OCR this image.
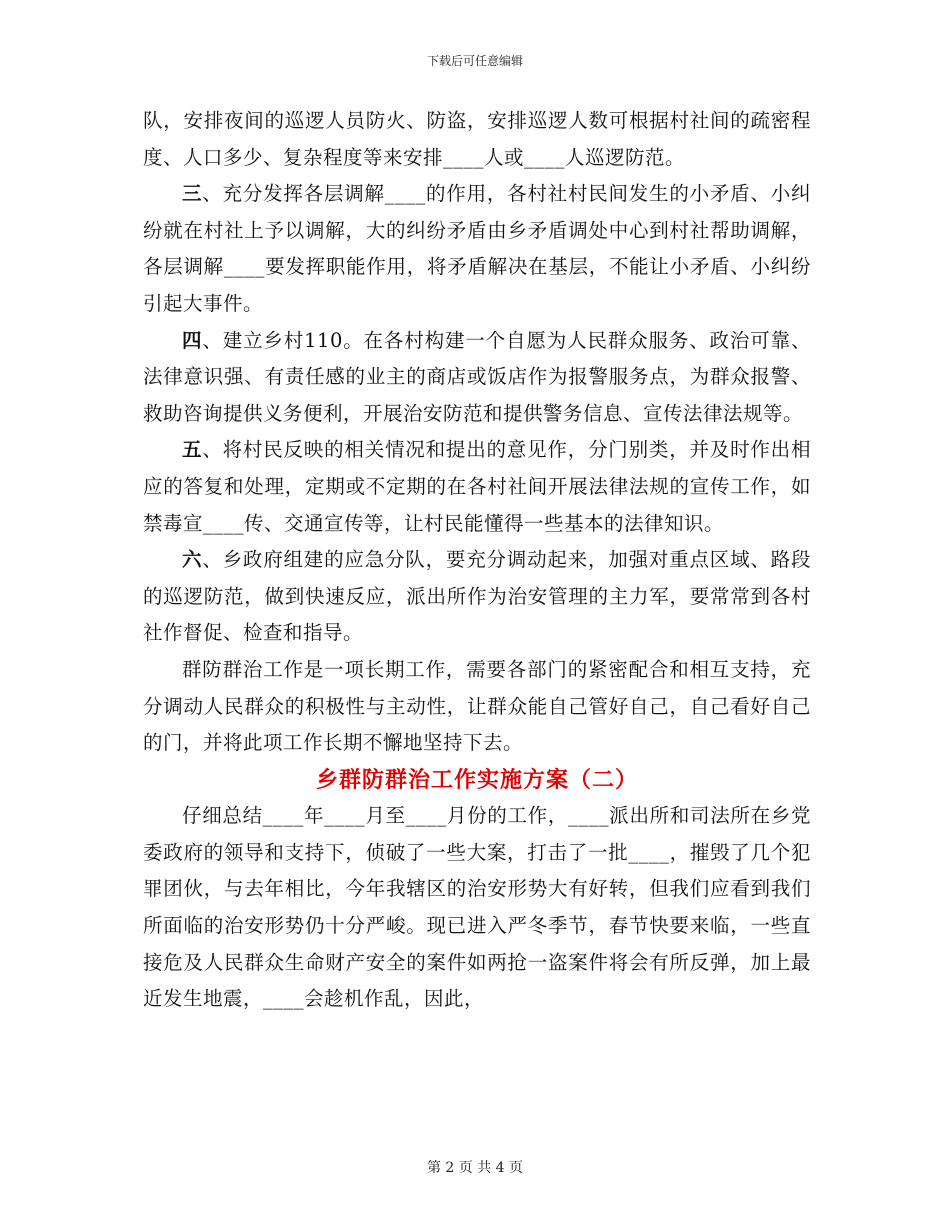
下载后可任意编辑

队，安排夜间的巡逻人员防火、防盗，安排巡逻人数可根据村社间的疏密程度、人口多少、复杂程度等来安排____人或____人巡逻防范。

三、充分发挥各层调解____的作用，各村社村民间发生的小矛盾、小纠纷就在村社上予以调解，大的纠纷矛盾由乡矛盾调处中心到村社帮助调解，各层调解____要发挥职能作用，将矛盾解决在基层，不能让小矛盾、小纠纷引起大事件。

四、建立乡村110。在各村构建一个自愿为人民群众服务、政治可靠、法律意识强、有责任感的业主的商店或饭店作为报警服务点，为群众报警、救助咨询提供义务便利，开展治安防范和提供警务信息、宣传法律法规等。

五、将村民反映的相关情况和提出的意见作，分门别类，并及时作出相应的答复和处理，定期或不定期的在各村社间开展法律法规的宣传工作，如禁毒宣____传、交通宣传等，让村民能懂得一些基本的法律知识。

六、乡政府组建的应急分队，要充分调动起来，加强对重点区域、路段的巡逻防范，做到快速反应，派出所作为治安管理的主力军，要常常到各村社作督促、检查和指导。

群防群治工作是一项长期工作，需要各部门的紧密配合和相互支持，充分调动人民群众的积极性与主动性，让群众能自己管好自己，自己看好自己的门，并将此项工作长期不懈地坚持下去。

乡群防群治工作实施方案（二）

仔细总结____年____月至____月份的工作，____派出所和司法所在乡党委政府的领导和支持下，侦破了一些大案，打击了一批____，摧毁了几个犯罪团伙，与去年相比，今年我辖区的治安形势大有好转，但我们应看到我们所面临的治安形势仍十分严峻。现已进入严冬季节，春节快要来临，一些直接危及人民群众生命财产安全的案件如两抢一盗案件将会有所反弹，加上最近发生地震，____会趁机作乱，因此，

第 2 页 共 4 页
